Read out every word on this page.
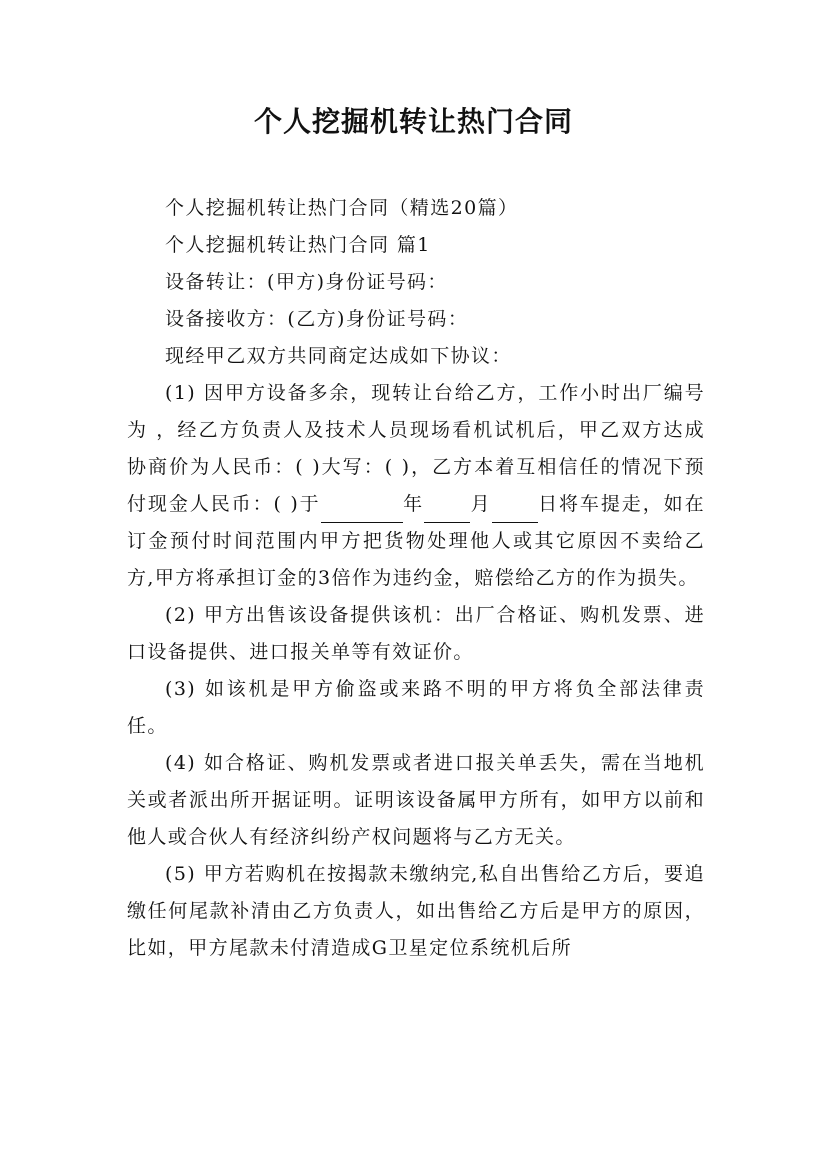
个人挖掘机转让热门合同

个人挖掘机转让热门合同（精选20篇）

个人挖掘机转让热门合同 篇1

设备转让：(甲方)身份证号码：

设备接收方：(乙方)身份证号码：

现经甲乙双方共同商定达成如下协议：

(1) 因甲方设备多余，现转让台给乙方，工作小时出厂编号为 ，经乙方负责人及技术人员现场看机试机后，甲乙双方达成协商价为人民币：( )大写：( )，乙方本着互相信任的情况下预付现金人民币：( )于	年 月 日将车提走，如在订金预付时间范围内甲方把货物处理他人或其它原因不卖给乙方,甲方将承担订金的3倍作为违约金，赔偿给乙方的作为损失。

(2) 甲方出售该设备提供该机：出厂合格证、购机发票、进口设备提供、进口报关单等有效证价。

(3) 如该机是甲方偷盗或来路不明的甲方将负全部法律责任。

(4) 如合格证、购机发票或者进口报关单丢失，需在当地机关或者派出所开据证明。证明该设备属甲方所有，如甲方以前和他人或合伙人有经济纠纷产权问题将与乙方无关。

(5) 甲方若购机在按揭款未缴纳完,私自出售给乙方后，要追缴任何尾款补清由乙方负责人，如出售给乙方后是甲方的原因，比如，甲方尾款未付清造成G卫星定位系统机后所
